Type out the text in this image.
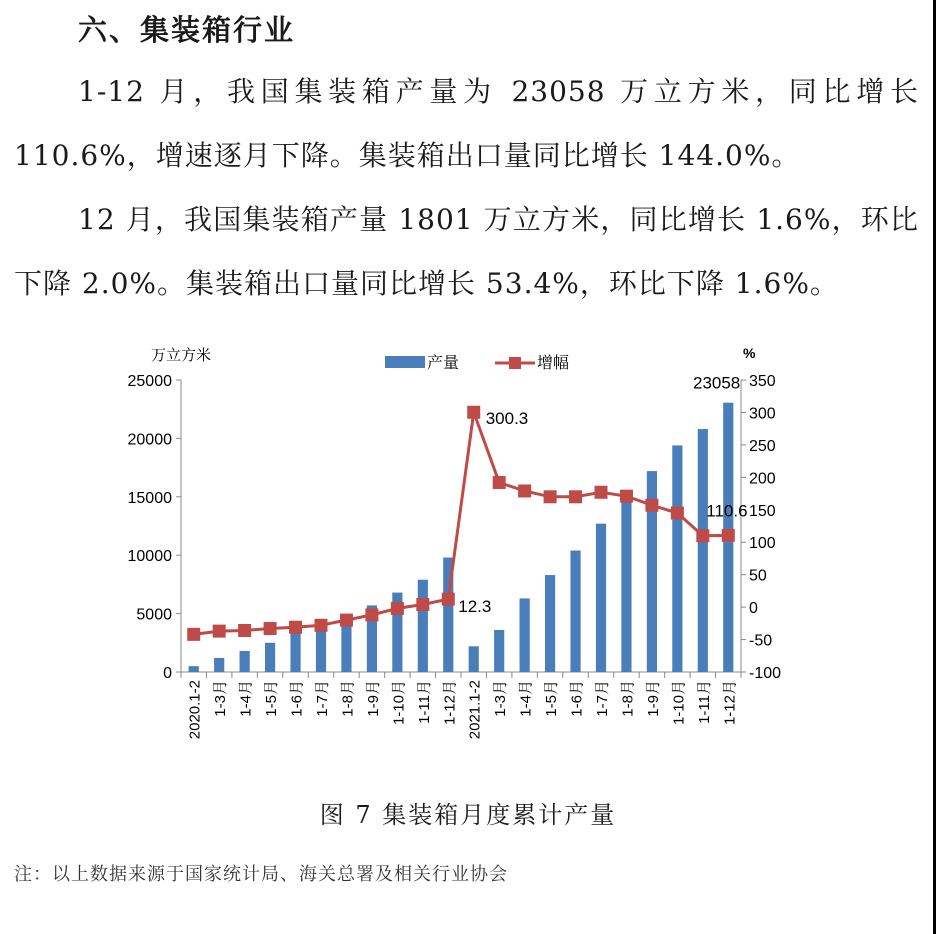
六、集装箱行业
1-12 月，我国集装箱产量为 23058 万立方米，同比增长 110.6%，增速逐月下降。集装箱出口量同比增长 144.0%。
12 月，我国集装箱产量 1801 万立方米，同比增长 1.6%，环比下降 2.0%。集装箱出口量同比增长 53.4%，环比下降 1.6%。
0
5000
10000
15000
20000
25000
-100
-50
0
50
100
150
200
250
300
350
万立方米	%
2020.1-2 1-3月 1-4月 1-5月 1-6月 1-7月 1-8月 1-9月 1-10月 1-11月 1-12月 2021.1-2 1-3月 1-4月 1-5月 1-6月 1-7月 1-8月 1-9月 1-10月 1-11月 1-12月
23058
300.3
12.3
110.6
产量	增幅
图 7 集装箱月度累计产量
注：以上数据来源于国家统计局、海关总署及相关行业协会
